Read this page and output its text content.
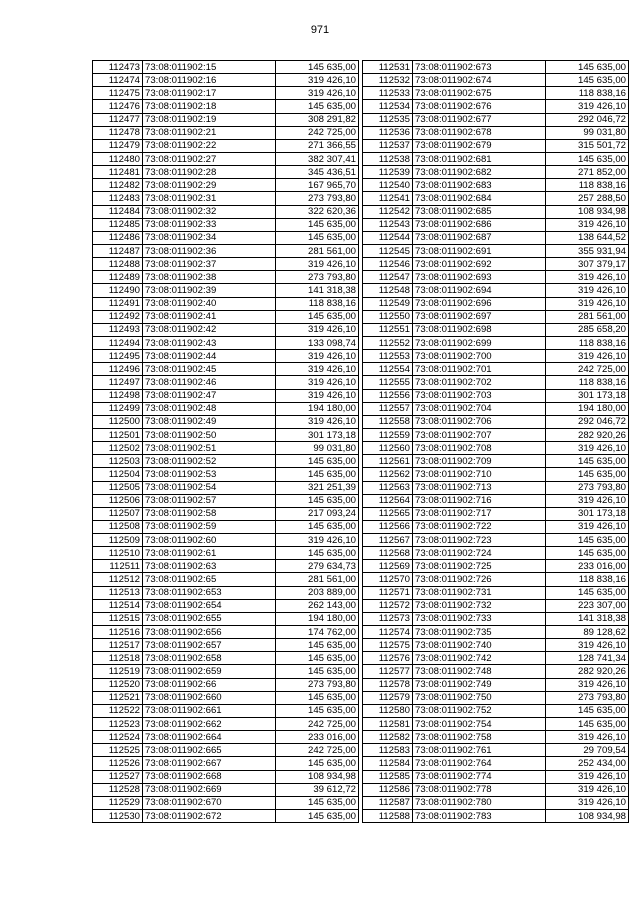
971
112473	73:08:011902:15	145 635,00
112474	73:08:011902:16	319 426,10
112475	73:08:011902:17	319 426,10
112476	73:08:011902:18	145 635,00
112477	73:08:011902:19	308 291,82
112478	73:08:011902:21	242 725,00
112479	73:08:011902:22	271 366,55
112480	73:08:011902:27	382 307,41
112481	73:08:011902:28	345 436,51
112482	73:08:011902:29	167 965,70
112483	73:08:011902:31	273 793,80
112484	73:08:011902:32	322 620,36
112485	73:08:011902:33	145 635,00
112486	73:08:011902:34	145 635,00
112487	73:08:011902:36	281 561,00
112488	73:08:011902:37	319 426,10
112489	73:08:011902:38	273 793,80
112490	73:08:011902:39	141 318,38
112491	73:08:011902:40	118 838,16
112492	73:08:011902:41	145 635,00
112493	73:08:011902:42	319 426,10
112494	73:08:011902:43	133 098,74
112495	73:08:011902:44	319 426,10
112496	73:08:011902:45	319 426,10
112497	73:08:011902:46	319 426,10
112498	73:08:011902:47	319 426,10
112499	73:08:011902:48	194 180,00
112500	73:08:011902:49	319 426,10
112501	73:08:011902:50	301 173,18
112502	73:08:011902:51	99 031,80
112503	73:08:011902:52	145 635,00
112504	73:08:011902:53	145 635,00
112505	73:08:011902:54	321 251,39
112506	73:08:011902:57	145 635,00
112507	73:08:011902:58	217 093,24
112508	73:08:011902:59	145 635,00
112509	73:08:011902:60	319 426,10
112510	73:08:011902:61	145 635,00
112511	73:08:011902:63	279 634,73
112512	73:08:011902:65	281 561,00
112513	73:08:011902:653	203 889,00
112514	73:08:011902:654	262 143,00
112515	73:08:011902:655	194 180,00
112516	73:08:011902:656	174 762,00
112517	73:08:011902:657	145 635,00
112518	73:08:011902:658	145 635,00
112519	73:08:011902:659	145 635,00
112520	73:08:011902:66	273 793,80
112521	73:08:011902:660	145 635,00
112522	73:08:011902:661	145 635,00
112523	73:08:011902:662	242 725,00
112524	73:08:011902:664	233 016,00
112525	73:08:011902:665	242 725,00
112526	73:08:011902:667	145 635,00
112527	73:08:011902:668	108 934,98
112528	73:08:011902:669	39 612,72
112529	73:08:011902:670	145 635,00
112530	73:08:011902:672	145 635,00
112531	73:08:011902:673	145 635,00
112532	73:08:011902:674	145 635,00
112533	73:08:011902:675	118 838,16
112534	73:08:011902:676	319 426,10
112535	73:08:011902:677	292 046,72
112536	73:08:011902:678	99 031,80
112537	73:08:011902:679	315 501,72
112538	73:08:011902:681	145 635,00
112539	73:08:011902:682	271 852,00
112540	73:08:011902:683	118 838,16
112541	73:08:011902:684	257 288,50
112542	73:08:011902:685	108 934,98
112543	73:08:011902:686	319 426,10
112544	73:08:011902:687	138 644,52
112545	73:08:011902:691	355 931,94
112546	73:08:011902:692	307 379,17
112547	73:08:011902:693	319 426,10
112548	73:08:011902:694	319 426,10
112549	73:08:011902:696	319 426,10
112550	73:08:011902:697	281 561,00
112551	73:08:011902:698	285 658,20
112552	73:08:011902:699	118 838,16
112553	73:08:011902:700	319 426,10
112554	73:08:011902:701	242 725,00
112555	73:08:011902:702	118 838,16
112556	73:08:011902:703	301 173,18
112557	73:08:011902:704	194 180,00
112558	73:08:011902:706	292 046,72
112559	73:08:011902:707	282 920,26
112560	73:08:011902:708	319 426,10
112561	73:08:011902:709	145 635,00
112562	73:08:011902:710	145 635,00
112563	73:08:011902:713	273 793,80
112564	73:08:011902:716	319 426,10
112565	73:08:011902:717	301 173,18
112566	73:08:011902:722	319 426,10
112567	73:08:011902:723	145 635,00
112568	73:08:011902:724	145 635,00
112569	73:08:011902:725	233 016,00
112570	73:08:011902:726	118 838,16
112571	73:08:011902:731	145 635,00
112572	73:08:011902:732	223 307,00
112573	73:08:011902:733	141 318,38
112574	73:08:011902:735	89 128,62
112575	73:08:011902:740	319 426,10
112576	73:08:011902:742	128 741,34
112577	73:08:011902:748	282 920,26
112578	73:08:011902:749	319 426,10
112579	73:08:011902:750	273 793,80
112580	73:08:011902:752	145 635,00
112581	73:08:011902:754	145 635,00
112582	73:08:011902:758	319 426,10
112583	73:08:011902:761	29 709,54
112584	73:08:011902:764	252 434,00
112585	73:08:011902:774	319 426,10
112586	73:08:011902:778	319 426,10
112587	73:08:011902:780	319 426,10
112588	73:08:011902:783	108 934,98
